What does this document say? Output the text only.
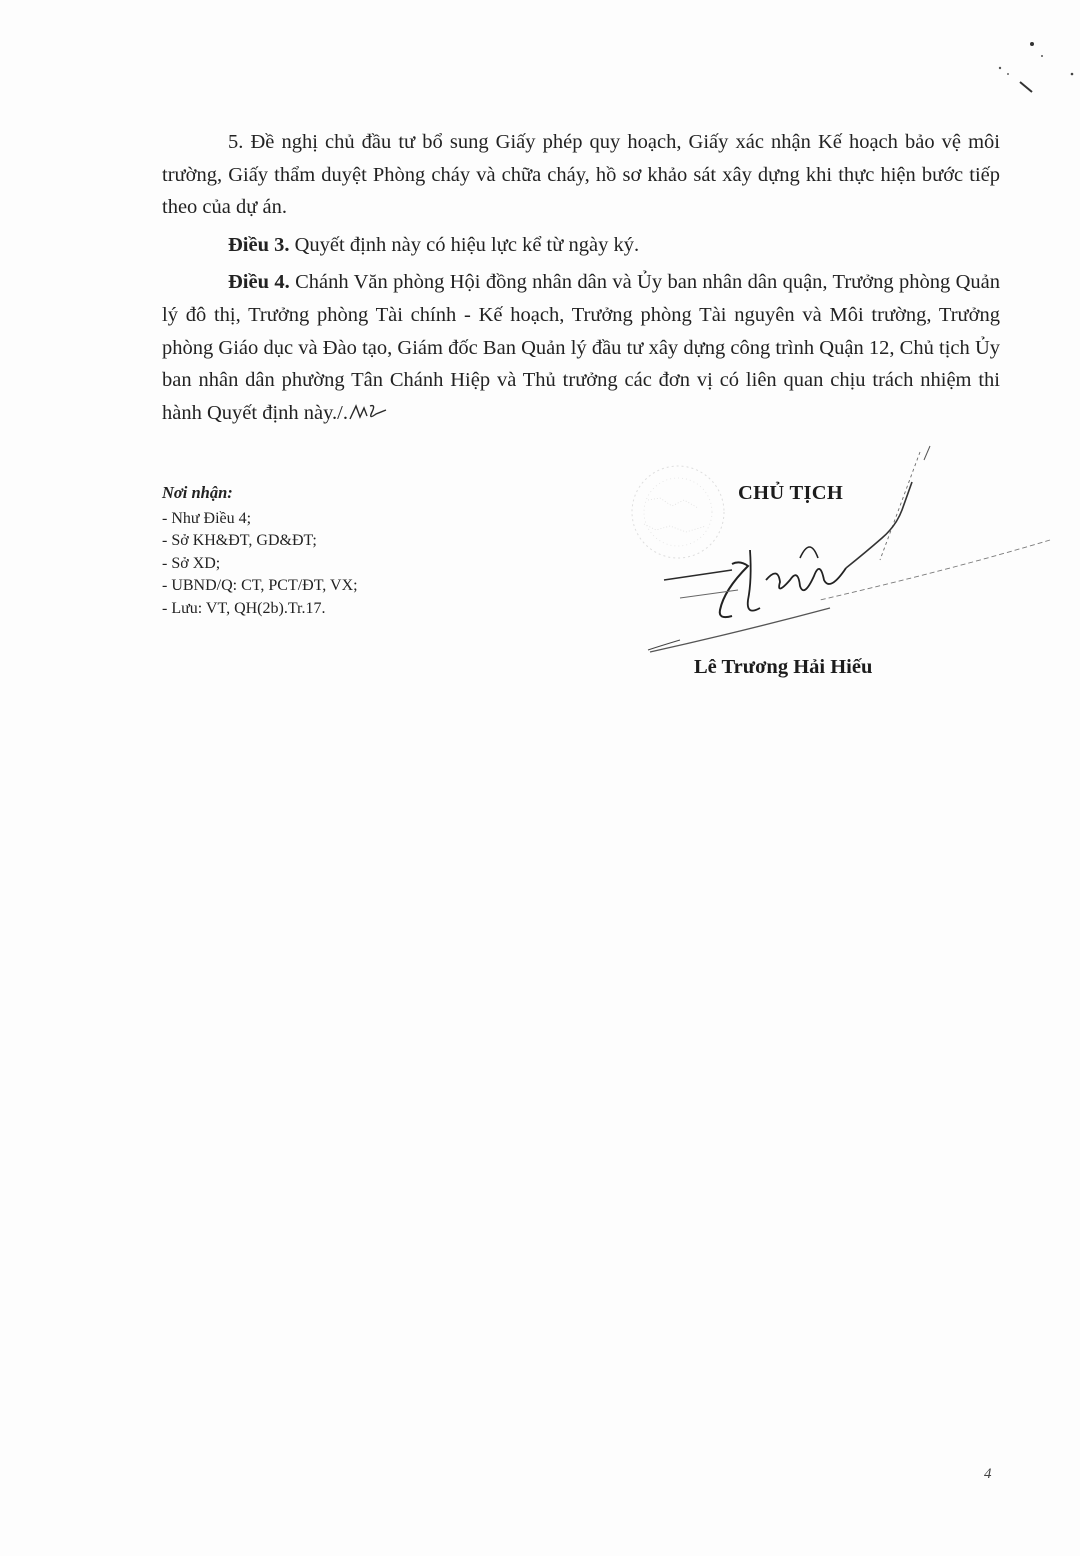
5. Đề nghị chủ đầu tư bổ sung Giấy phép quy hoạch, Giấy xác nhận Kế hoạch bảo vệ môi trường, Giấy thẩm duyệt Phòng cháy và chữa cháy, hồ sơ khảo sát xây dựng khi thực hiện bước tiếp theo của dự án.

Điều 3. Quyết định này có hiệu lực kể từ ngày ký.

Điều 4. Chánh Văn phòng Hội đồng nhân dân và Ủy ban nhân dân quận, Trưởng phòng Quản lý đô thị, Trưởng phòng Tài chính - Kế hoạch, Trưởng phòng Tài nguyên và Môi trường, Trưởng phòng Giáo dục và Đào tạo, Giám đốc Ban Quản lý đầu tư xây dựng công trình Quận 12, Chủ tịch Ủy ban nhân dân phường Tân Chánh Hiệp và Thủ trưởng các đơn vị có liên quan chịu trách nhiệm thi hành Quyết định này./.

Nơi nhận:
- Như Điều 4;
- Sở KH&ĐT, GD&ĐT;
- Sở XD;
- UBND/Q: CT, PCT/ĐT, VX;
- Lưu: VT, QH(2b).Tr.17.
CHỦ TỊCH
Lê Trương Hải Hiếu
4
